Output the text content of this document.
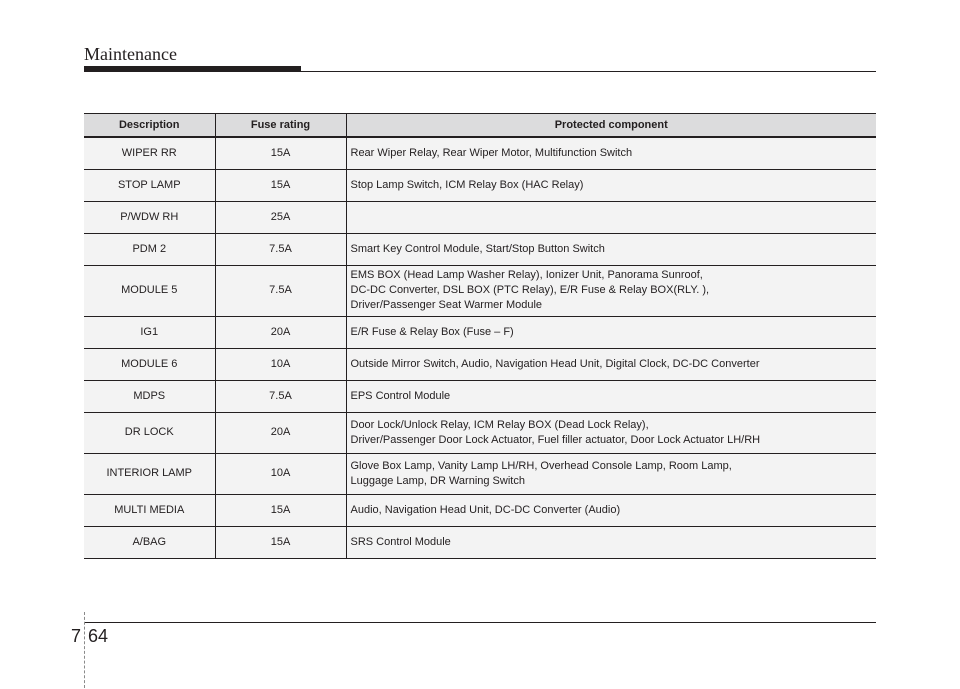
Maintenance
Description	Fuse rating	Protected component
WIPER RR	15A	Rear Wiper Relay, Rear Wiper Motor, Multifunction Switch

STOP LAMP	15A	Stop Lamp Switch, ICM Relay Box (HAC Relay)

P/WDW RH	25A	
PDM 2	7.5A	Smart Key Control Module, Start/Stop Button Switch

MODULE 5	7.5A	EMS BOX (Head Lamp Washer Relay), Ionizer Unit, Panorama Sunroof,
DC-DC Converter, DSL BOX (PTC Relay), E/R Fuse & Relay BOX(RLY. ),
Driver/Passenger Seat Warmer Module

IG1	20A	E/R Fuse & Relay Box (Fuse – F)

MODULE 6	10A	Outside Mirror Switch, Audio, Navigation Head Unit, Digital Clock, DC-DC Converter

MDPS	7.5A	EPS Control Module

DR LOCK	20A	Door Lock/Unlock Relay, ICM Relay BOX (Dead Lock Relay),
Driver/Passenger Door Lock Actuator, Fuel filler actuator, Door Lock Actuator LH/RH

INTERIOR LAMP	10A	Glove Box Lamp, Vanity Lamp LH/RH, Overhead Console Lamp, Room Lamp,
Luggage Lamp, DR Warning Switch

MULTI MEDIA	15A	Audio, Navigation Head Unit, DC-DC Converter (Audio)

A/BAG	15A	SRS Control Module
7 64
